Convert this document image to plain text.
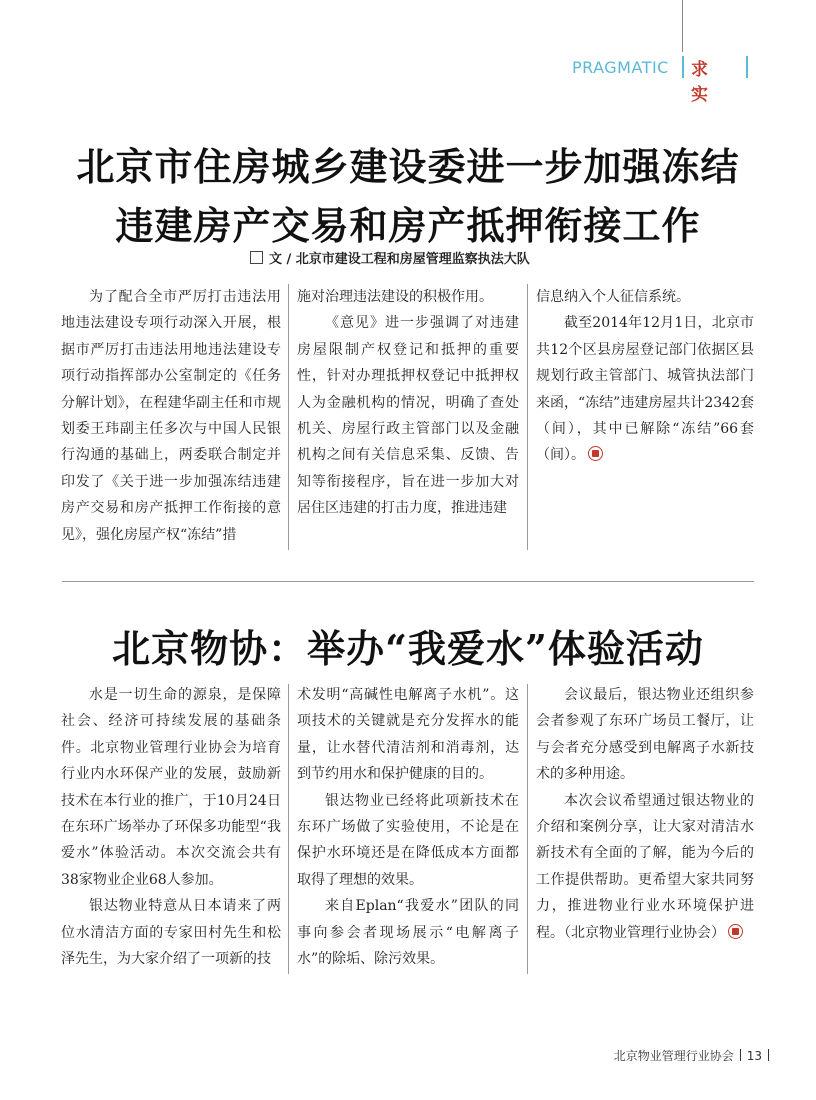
PRAGMATIC 求 实
北京市住房城乡建设委进一步加强冻结
违建房产交易和房产抵押衔接工作
文 / 北京市建设工程和房屋管理监察执法大队

为了配合全市严厉打击违法用地违法建设专项行动深入开展，根据市严厉打击违法用地违法建设专项行动指挥部办公室制定的《任务分解计划》，在程建华副主任和市规划委王玮副主任多次与中国人民银行沟通的基础上，两委联合制定并印发了《关于进一步加强冻结违建房产交易和房产抵押工作衔接的意见》，强化房屋产权“冻结”措

施对治理违法建设的积极作用。

《意见》进一步强调了对违建房屋限制产权登记和抵押的重要性，针对办理抵押权登记中抵押权人为金融机构的情况，明确了查处机关、房屋行政主管部门以及金融机构之间有关信息采集、反馈、告知等衔接程序，旨在进一步加大对居住区违建的打击力度，推进违建

信息纳入个人征信系统。

截至2014年12月1日，北京市共12个区县房屋登记部门依据区县规划行政主管部门、城管执法部门来函，“冻结”违建房屋共计2342套（间），其中已解除“冻结”66套（间）。

北京物协：举办“我爱水”体验活动

水是一切生命的源泉，是保障社会、经济可持续发展的基础条件。北京物业管理行业协会为培育行业内水环保产业的发展，鼓励新技术在本行业的推广，于10月24日在东环广场举办了环保多功能型“我爱水”体验活动。本次交流会共有38家物业企业68人参加。

银达物业特意从日本请来了两位水清洁方面的专家田村先生和松泽先生，为大家介绍了一项新的技

术发明“高碱性电解离子水机”。这项技术的关键就是充分发挥水的能量，让水替代清洁剂和消毒剂，达到节约用水和保护健康的目的。

银达物业已经将此项新技术在东环广场做了实验使用，不论是在保护水环境还是在降低成本方面都取得了理想的效果。

来自Eplan“我爱水”团队的同事向参会者现场展示“电解离子水”的除垢、除污效果。

会议最后，银达物业还组织参会者参观了东环广场员工餐厅，让与会者充分感受到电解离子水新技术的多种用途。

本次会议希望通过银达物业的介绍和案例分享，让大家对清洁水新技术有全面的了解，能为今后的工作提供帮助。更希望大家共同努力，推进物业行业水环境保护进程。（北京物业管理行业协会）

北京物业管理行业协会 13
